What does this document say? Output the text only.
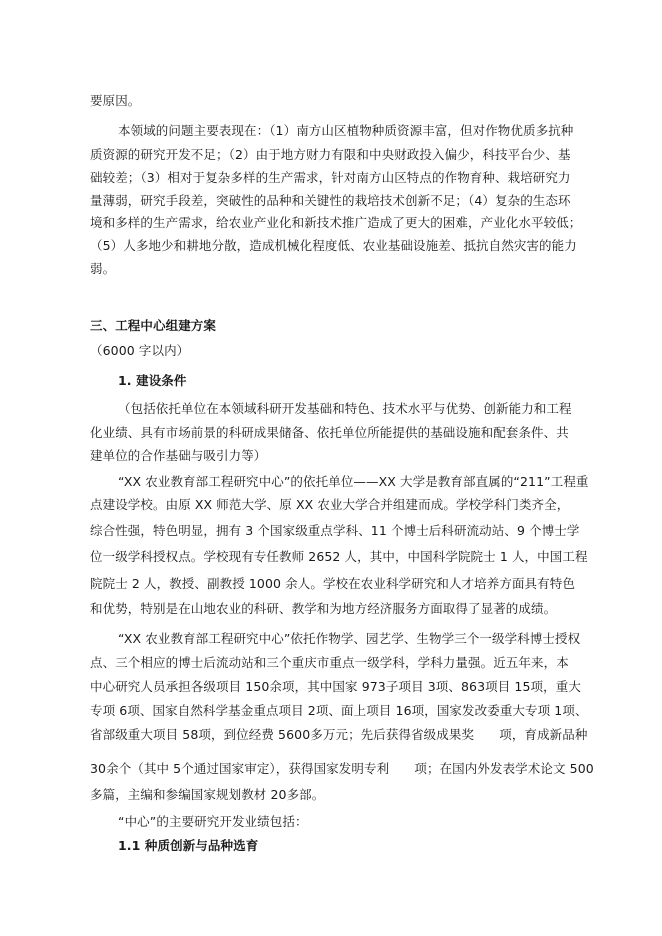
要原因。
本领域的问题主要表现在：（1）南方山区植物种质资源丰富，但对作物优质多抗种
质资源的研究开发不足；（2）由于地方财力有限和中央财政投入偏少，科技平台少、基
础较差；（3）相对于复杂多样的生产需求，针对南方山区特点的作物育种、栽培研究力
量薄弱，研究手段差，突破性的品种和关键性的栽培技术创新不足；（4）复杂的生态环
境和多样的生产需求，给农业产业化和新技术推广造成了更大的困难，产业化水平较低；
（5）人多地少和耕地分散，造成机械化程度低、农业基础设施差、抵抗自然灾害的能力
弱。
三、工程中心组建方案
（6000 字以内）
1. 建设条件
（包括依托单位在本领域科研开发基础和特色、技术水平与优势、创新能力和工程
化业绩、具有市场前景的科研成果储备、依托单位所能提供的基础设施和配套条件、共
建单位的合作基础与吸引力等）
“XX 农业教育部工程研究中心”的依托单位——XX 大学是教育部直属的“211”工程重
点建设学校。由原 XX 师范大学、原 XX 农业大学合并组建而成。学校学科门类齐全，
综合性强，特色明显，拥有 3 个国家级重点学科、11 个博士后科研流动站、9 个博士学
位一级学科授权点。学校现有专任教师 2652 人，其中，中国科学院院士 1 人，中国工程
院院士 2 人，教授、副教授 1000 余人。学校在农业科学研究和人才培养方面具有特色
和优势，特别是在山地农业的科研、教学和为地方经济服务方面取得了显著的成绩。
“XX 农业教育部工程研究中心”依托作物学、园艺学、生物学三个一级学科博士授权
点、三个相应的博士后流动站和三个重庆市重点一级学科，学科力量强。近五年来，本
中心研究人员承担各级项目 150余项，其中国家 973子项目 3项、863项目 15项，重大
专项 6项、国家自然科学基金重点项目 2项、面上项目 16项，国家发改委重大专项 1项、
省部级重大项目 58项，到位经费 5600多万元；先后获得省级成果奖　　项，育成新品种
30余个（其中 5个通过国家审定），获得国家发明专利　　项；在国内外发表学术论文 500
多篇，主编和参编国家规划教材 20多部。
“中心”的主要研究开发业绩包括：
1.1 种质创新与品种选育
